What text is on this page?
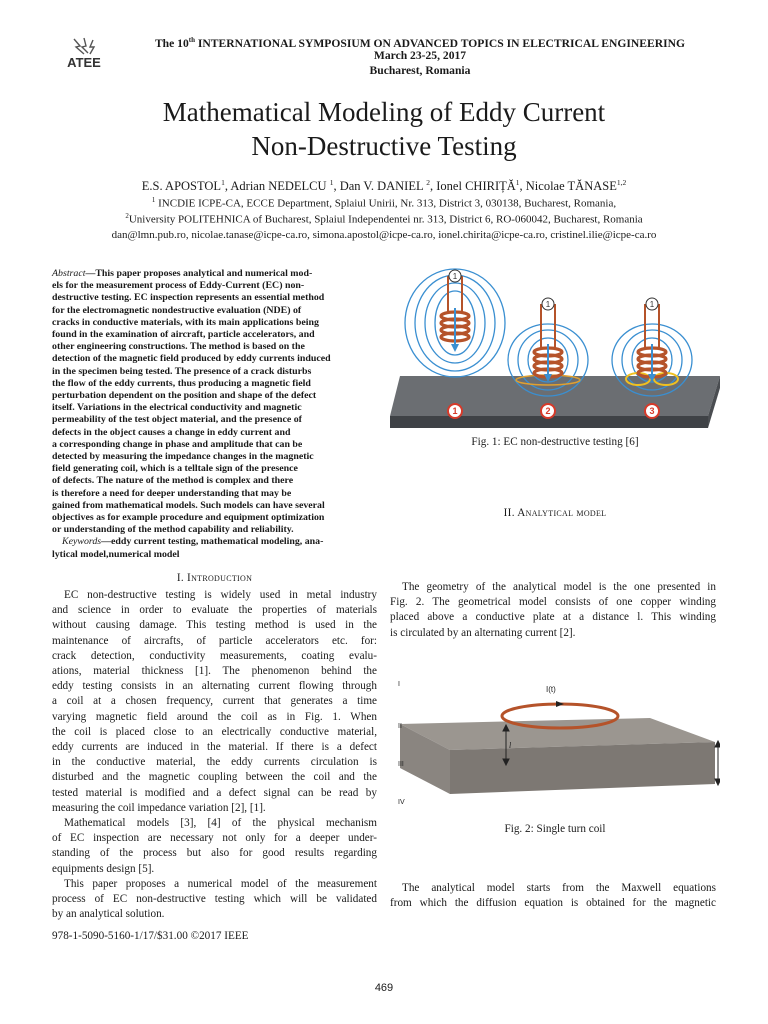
ATEE
The 10th INTERNATIONAL SYMPOSIUM ON ADVANCED TOPICS IN ELECTRICAL ENGINEERING
March 23-25, 2017
Bucharest, Romania
Mathematical Modeling of Eddy Current
Non-Destructive Testing
E.S. APOSTOL$^1$, Adrian NEDELCU $^1$, Dan V. DANIEL $^2$, Ionel CHIRIȚĂ$^1$, Nicolae TĂNASE$^{1,2}$
$^1$ INCDIE ICPE-CA, ECCE Department, Splaiul Unirii, Nr. 313, District 3, 030138, Bucharest, Romania,
$^2$University POLITEHNICA of Bucharest, Splaiul Independentei nr. 313, District 6, RO-060042, Bucharest, Romania
dan@lmn.pub.ro, nicolae.tanase@icpe-ca.ro, simona.apostol@icpe-ca.ro, ionel.chirita@icpe-ca.ro, cristinel.ilie@icpe-ca.ro
Abstract—This paper proposes analytical and numerical mod-
els for the measurement process of Eddy-Current (EC) non-
destructive testing. EC inspection represents an essential method
for the electromagnetic nondestructive evaluation (NDE) of
cracks in conductive materials, with its main applications being
found in the examination of aircraft, particle accelerators, and
other engineering constructions. The method is based on the
detection of the magnetic field produced by eddy currents induced
in the specimen being tested. The presence of a crack disturbs
the flow of the eddy currents, thus producing a magnetic field
perturbation dependent on the position and shape of the defect
itself. Variations in the electrical conductivity and magnetic
permeability of the test object material, and the presence of
defects in the object causes a change in eddy current and
a corresponding change in phase and amplitude that can be
detected by measuring the impedance changes in the magnetic
field generating coil, which is a telltale sign of the presence
of defects. The nature of the method is complex and there
is therefore a need for deeper understanding that may be
gained from mathematical models. Such models can have several
objectives as for example procedure and equipment optimization
or understanding of the method capability and reliability.
Keywords—eddy current testing, mathematical modeling, ana-
lytical model,numerical model
I. Introduction
EC non-destructive testing is widely used in metal industry
and science in order to evaluate the properties of materials
without causing damage. This testing method is used in the
maintenance of aircrafts, of particle accelerators etc. for:
crack detection, conductivity measurements, coating evalu-
ations, material thickness [1]. The phenomenon behind the
eddy testing consists in an alternating current flowing through
a coil at a chosen frequency, current that generates a time
varying magnetic field around the coil as in Fig. 1. When
the coil is placed close to an electrically conductive material,
eddy currents are induced in the material. If there is a defect
in the conductive material, the eddy currents circulation is
disturbed and the magnetic coupling between the coil and the
tested material is modified and a defect signal can be read by
measuring the coil impedance variation [2], [1].
Mathematical models [3], [4] of the physical mechanism
of EC inspection are necessary not only for a deeper under-
standing of the process but also for good results regarding
equipments design [5].
This paper proposes a numerical model of the measurement
process of EC non-destructive testing which will be validated
by an analytical solution.
978-1-5090-5160-1/17/$31.00 ©2017 IEEE
469
1
1	1
1	2	3
Fig. 1: EC non-destructive testing [6]
II. Analytical model
The geometry of the analytical model is the one presented in
Fig. 2. The geometrical model consists of one copper winding
placed above a conductive plate at a distance l. This winding
is circulated by an alternating current [2].
I(t)
l
I
II
III
IV
Fig. 2: Single turn coil
The analytical model starts from the Maxwell equations
from which the diffusion equation is obtained for the magnetic
